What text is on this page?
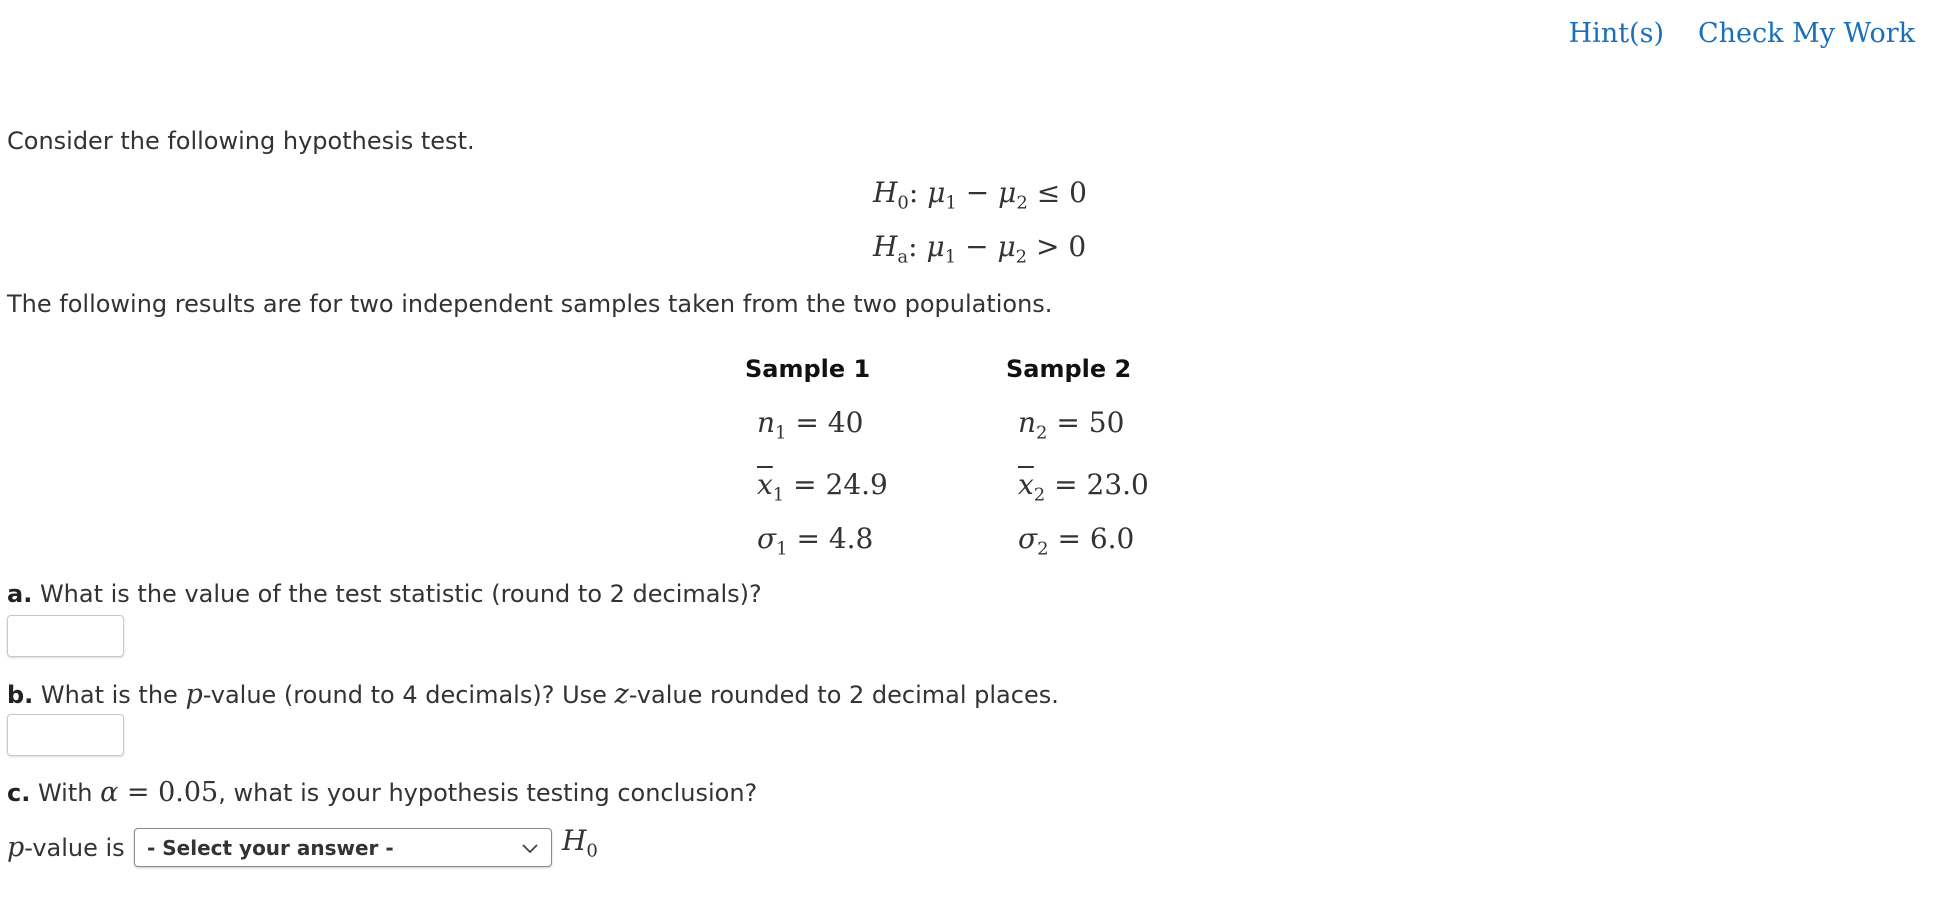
Hint(s) Check My Work
Consider the following hypothesis test.
$H_0$: $\mu_1 - \mu_2 \le 0$
$H_a$: $\mu_1 - \mu_2 > 0$
The following results are for two independent samples taken from the two populations.
Sample 1	Sample 2
$n_1 = 40$	$n_2 = 50$
$\overline{x}_1 = 24.9$	$\overline{x}_2 = 23.0$
$\sigma_1 = 4.8$	$\sigma_2 = 6.0$
a. What is the value of the test statistic (round to 2 decimals)?
b. What is the p-value (round to 4 decimals)? Use z-value rounded to 2 decimal places.
c. With α = 0.05, what is your hypothesis testing conclusion?
p-value is - Select your answer -	$H_0$
